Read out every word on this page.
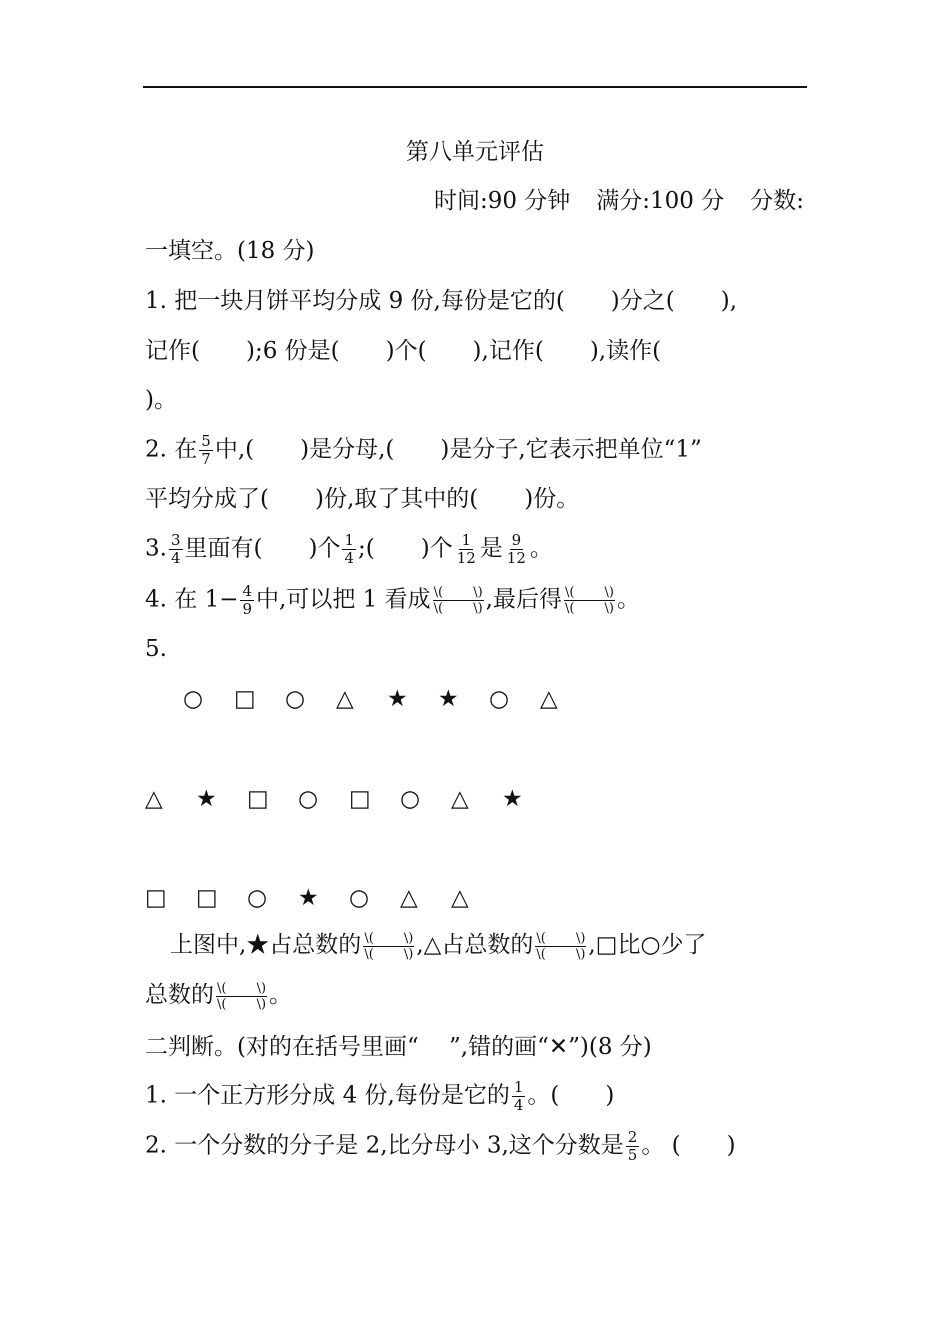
第八单元评估
时间:90 分钟 满分:100 分 分数:
一填空。(18 分)
1. 把一块月饼平均分成 9 份,每份是它的(　　)分之(　　),
记作(　　);6 份是(　　)个(　　),记作(　　),读作(
)。
2. 在 $\frac{5}{7}$ 中,(　　)是分母,(　　)是分子,它表示把单位“1”
平均分成了(　　)份,取了其中的(　　)份。
3. $\frac{3}{4}$ 里面有(　　)个 $\frac{1}{4}$ ;(　　)个 $\frac{1}{12}$ 是 $\frac{9}{12}$ 。
4. 在 $1- \frac{4}{9}$ 中,可以把 1 看成 \(　　 \)
\(　　 \) ,最后得 \(　　 \)
\(　　 \) 。
5.
○ □ ○ △ ★ ★ ○ △
△ ★ □ ○ □ ○ △ ★
□ □ ○ ★ ○ △ △
上图中,★占总数的 \(　　 \)
\(　　 \) ,△占总数的 \(　　 \)
\(　　 \) ,□比○少了
总数的 \(　　 \)
\(　　 \) 。
二判断。(对的在括号里画“　 ”,错的画“✕”)(8 分)
1. 一个正方形分成 4 份,每份是它的 $\frac{1}{4}$ 。(　　)
2. 一个分数的分子是 2,比分母小 3,这个分数是 $\frac{2}{5}$ 。 (　　)
